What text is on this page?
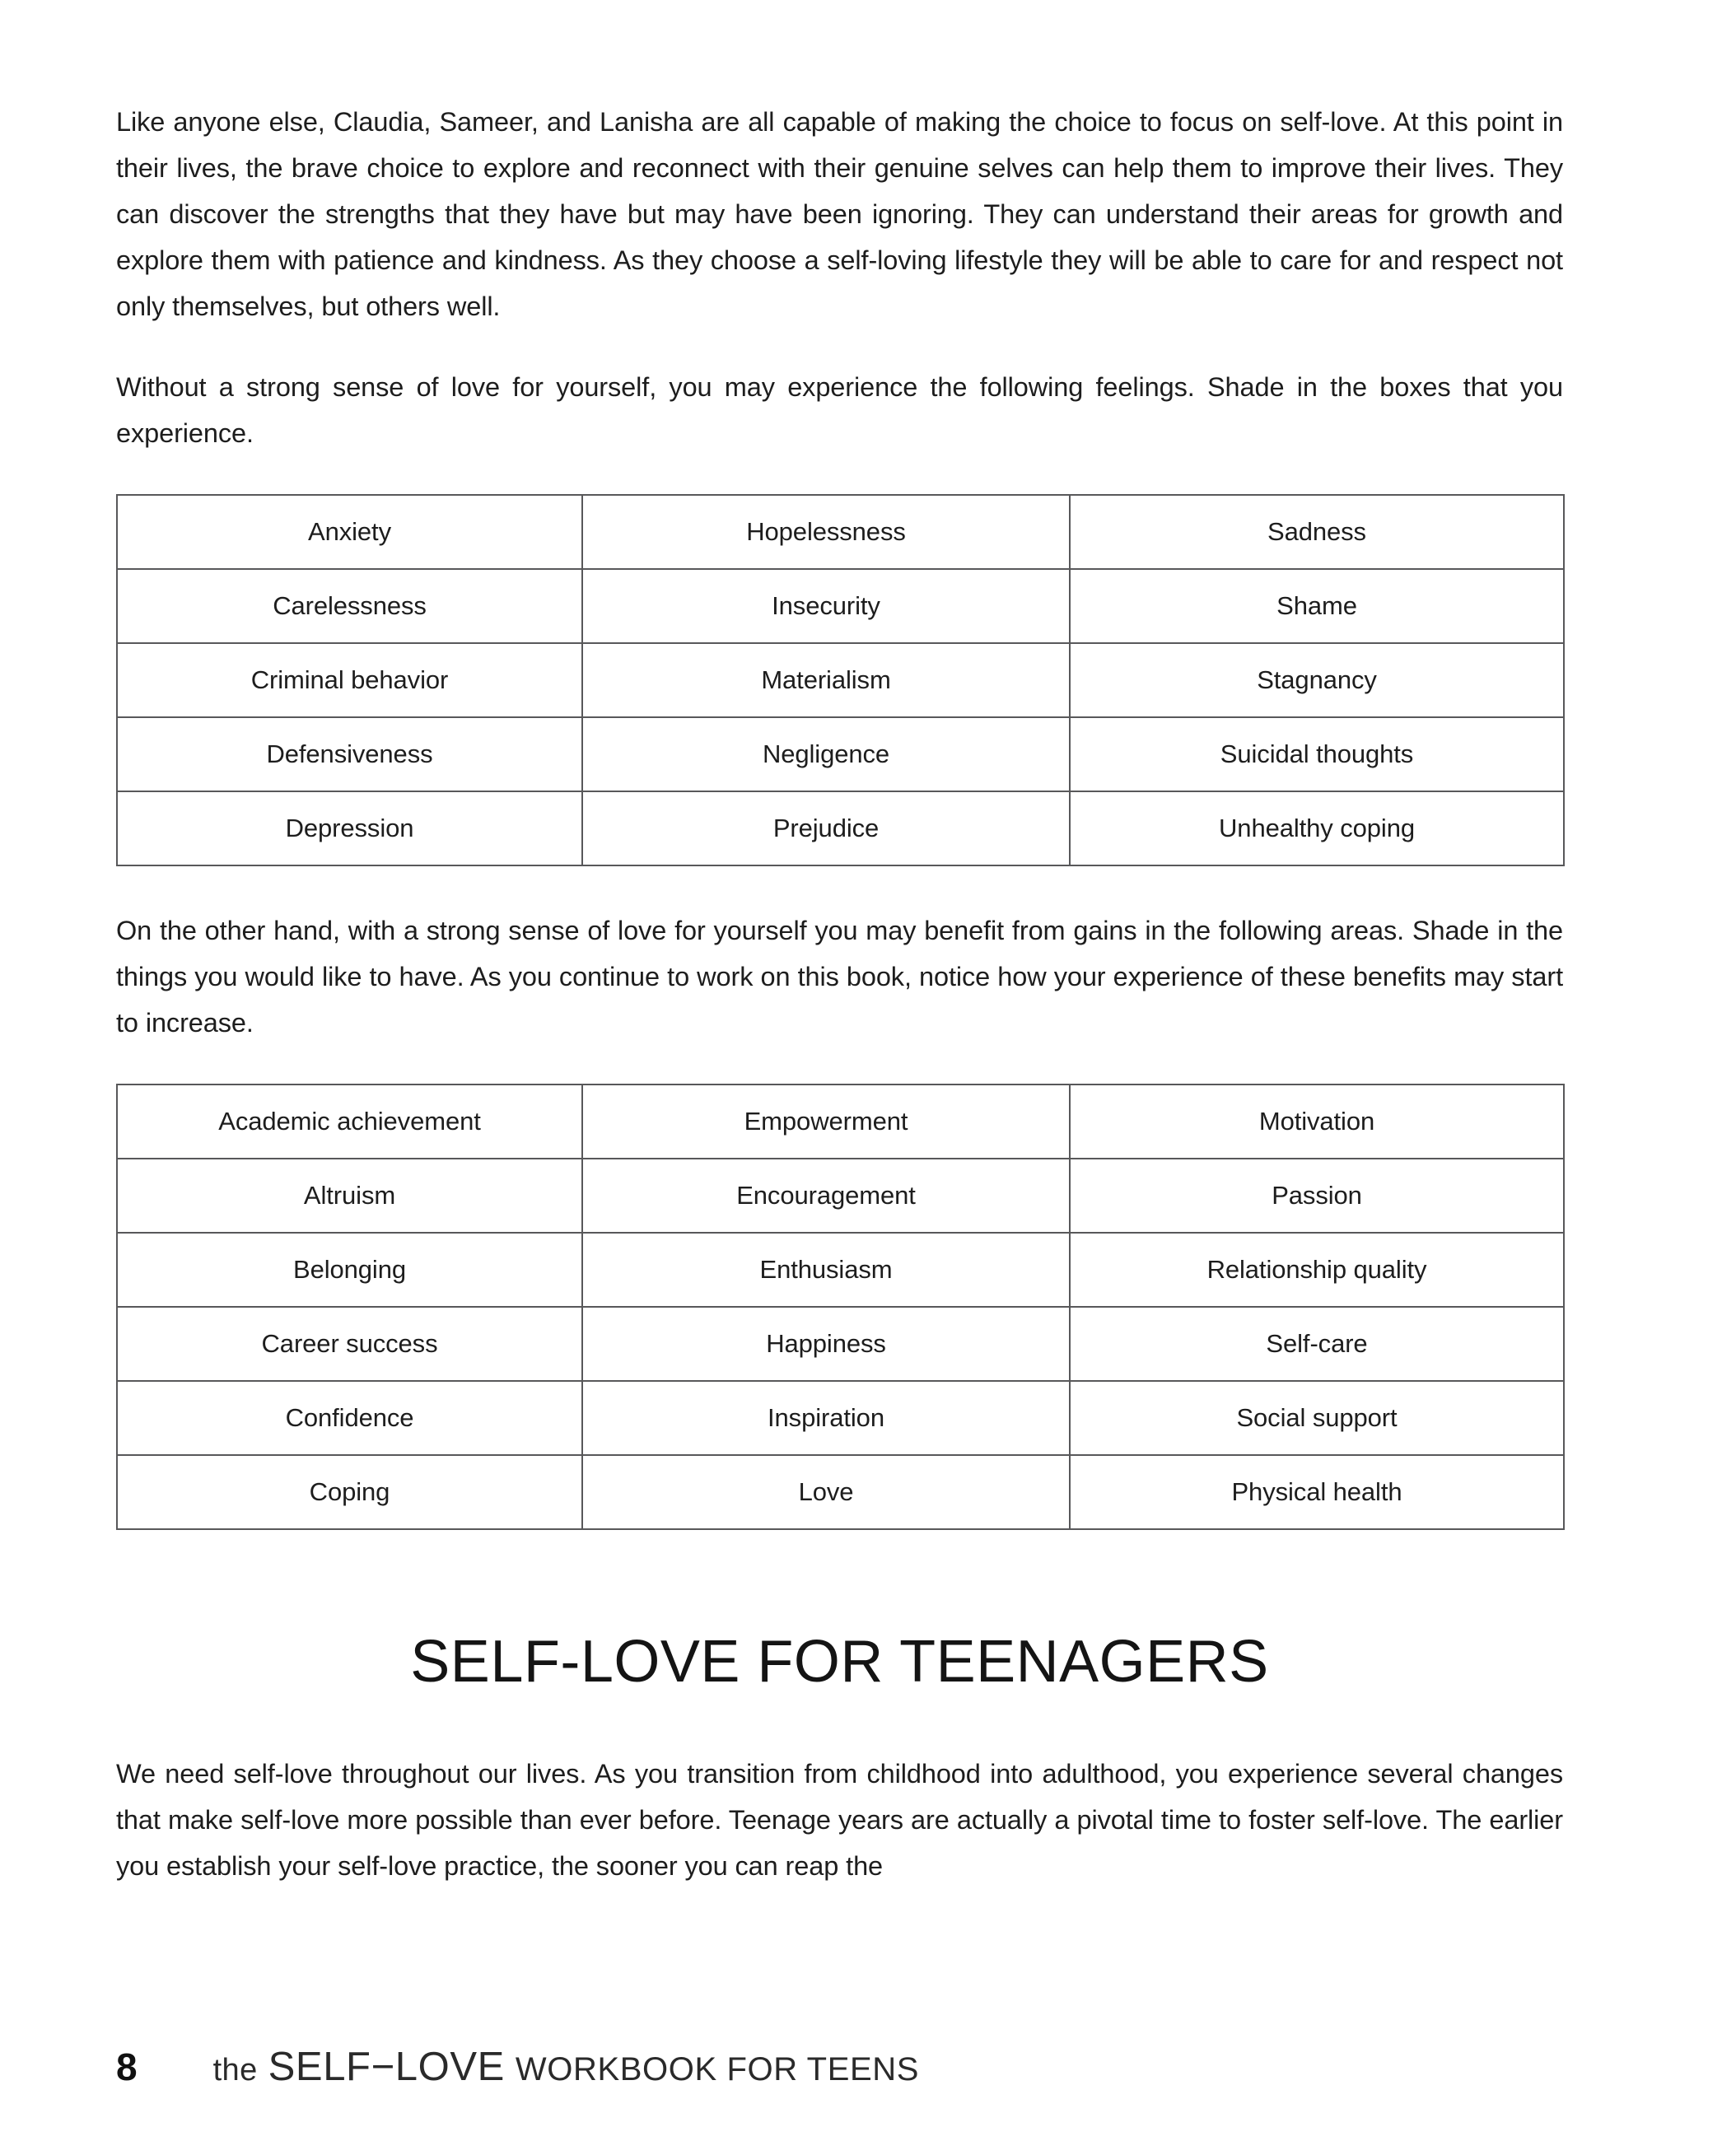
Like anyone else, Claudia, Sameer, and Lanisha are all capable of making the choice to focus on self-love. At this point in their lives, the brave choice to explore and reconnect with their genuine selves can help them to improve their lives. They can discover the strengths that they have but may have been ignoring. They can understand their areas for growth and explore them with patience and kindness. As they choose a self-loving lifestyle they will be able to care for and respect not only themselves, but others well.

Without a strong sense of love for yourself, you may experience the following feelings. Shade in the boxes that you experience.

Anxiety	Hopelessness	Sadness
Carelessness	Insecurity	Shame
Criminal behavior	Materialism	Stagnancy
Defensiveness	Negligence	Suicidal thoughts
Depression	Prejudice	Unhealthy coping

On the other hand, with a strong sense of love for yourself you may benefit from gains in the following areas. Shade in the things you would like to have. As you continue to work on this book, notice how your experience of these benefits may start to increase.

Academic achievement	Empowerment	Motivation
Altruism	Encouragement	Passion
Belonging	Enthusiasm	Relationship quality
Career success	Happiness	Self-care
Confidence	Inspiration	Social support
Coping	Love	Physical health
SELF-LOVE FOR TEENAGERS

We need self-love throughout our lives. As you transition from childhood into adulthood, you experience several changes that make self-love more possible than ever before. Teenage years are actually a pivotal time to foster self-love. The earlier you establish your self-love practice, the sooner you can reap the

8 the SELF−LOVE WORKBOOK FOR TEENS
